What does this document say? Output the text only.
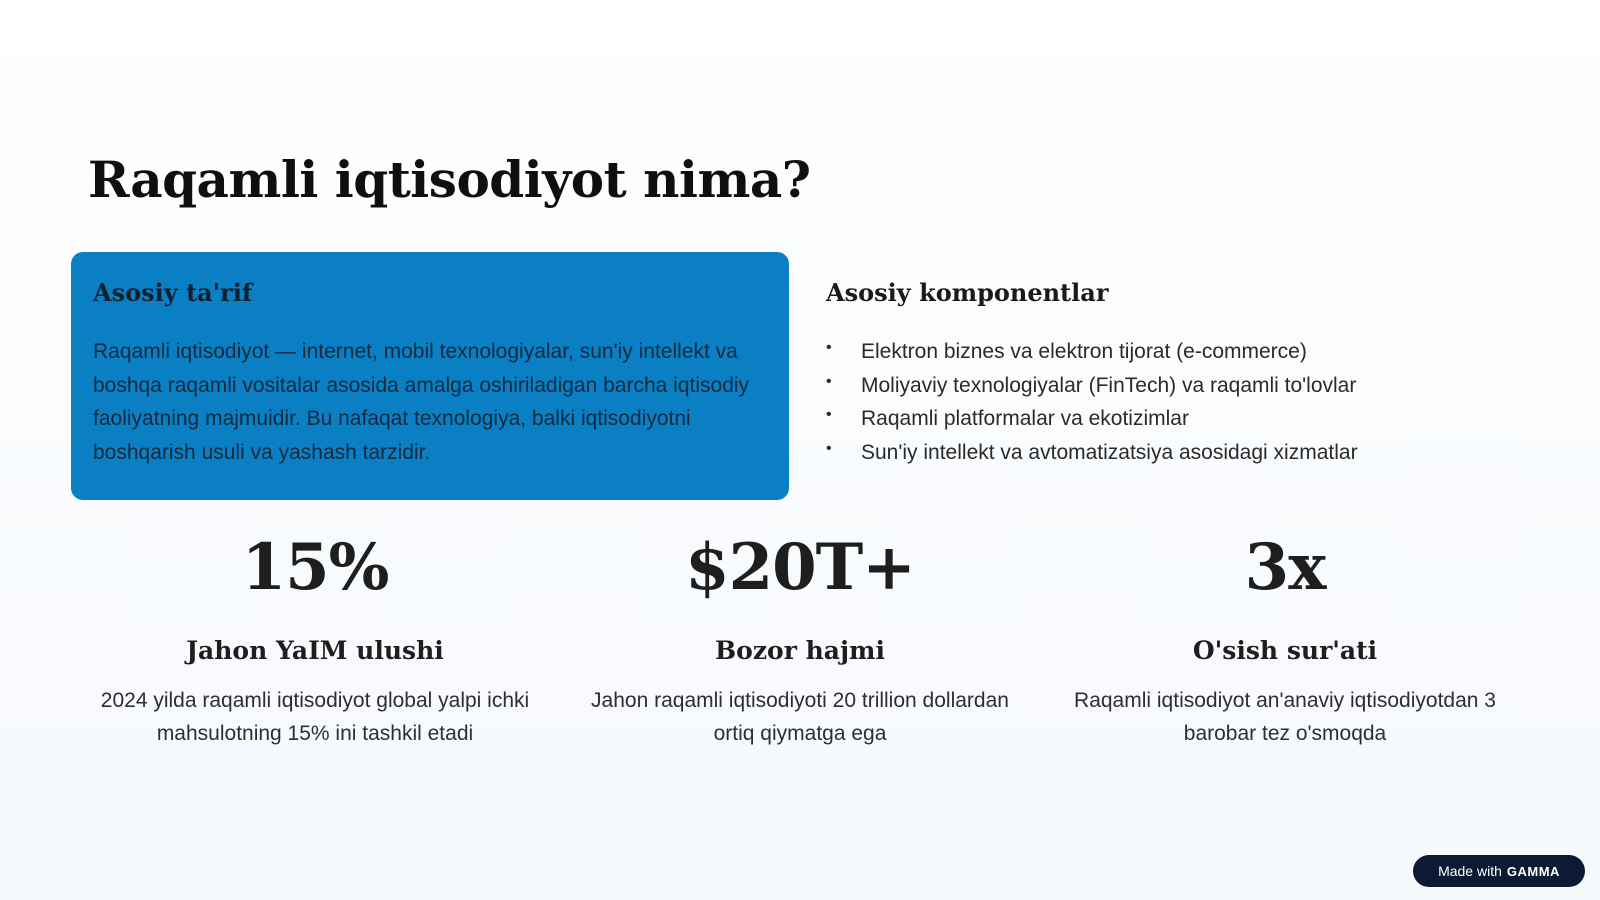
Raqamli iqtisodiyot nima?
Asosiy ta'rif

Raqamli iqtisodiyot — internet, mobil texnologiyalar, sun'iy intellekt va boshqa raqamli vositalar asosida amalga oshiriladigan barcha iqtisodiy faoliyatning majmuidir. Bu nafaqat texnologiya, balki iqtisodiyotni boshqarish usuli va yashash tarzidir.

Asosiy komponentlar
• Elektron biznes va elektron tijorat (e-commerce)
• Moliyaviy texnologiyalar (FinTech) va raqamli to'lovlar
• Raqamli platformalar va ekotizimlar
• Sun'iy intellekt va avtomatizatsiya asosidagi xizmatlar

15%

Jahon YaIM ulushi

2024 yilda raqamli iqtisodiyot global yalpi ichki mahsulotning 15% ini tashkil etadi

$20T+

Bozor hajmi

Jahon raqamli iqtisodiyoti 20 trillion dollardan ortiq qiymatga ega

3x

O'sish sur'ati

Raqamli iqtisodiyot an'anaviy iqtisodiyotdan 3 barobar tez o'smoqda

Made with GAMMA
